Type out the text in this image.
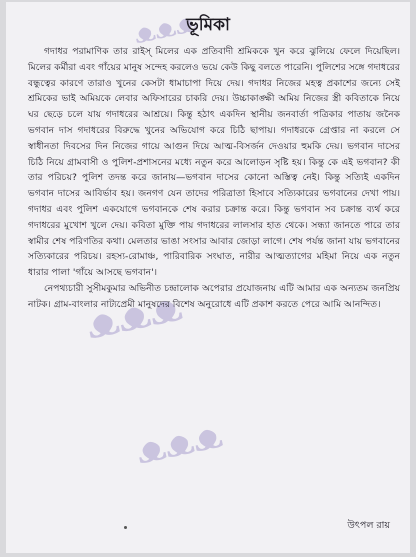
ᴥᴥᴥ
ᴥᴥᴥ
ᴥᴥᴥ
ভূমিকা

গদাধর পরামাণিক তার রাইস্ মিলের এক প্রতিবাদী শ্রমিককে খুন করে ঝুলিয়ে ফেলে দিয়েছিল। মিলের কর্মীরা এবং গাঁয়ের মানুষ সন্দেহ করলেও ভয়ে কেউ কিছু বলতে পারেনি। পুলিশের সঙ্গে গদাধরের বন্ধুত্বের কারণে তারাও খুনের কেসটা ধামাচাপা দিয়ে দেয়। গদাধর নিজের মহত্ব প্রকাশের জন্যে সেই শ্রমিকের ভাই অমিয়কে লেবার অফিসারের চাকরি দেয়। উচ্চাকাঙ্ক্ষী অমিয় নিজের স্ত্রী কবিতাকে নিয়ে ঘর ছেড়ে চলে যায় গদাধরের আশ্রয়ে। কিন্তু হঠাৎ একদিন স্থানীয় জনবার্তা পত্রিকার পাতায় জনৈক ভগবান দাস গদাধরের বিরুদ্ধে খুনের অভিযোগ করে চিঠি ছাপায়। গদাধরকে গ্রেপ্তার না করলে সে স্বাধীনতা দিবসের দিন নিজের গায়ে আগুন দিয়ে আত্ম-বিসর্জন দেওয়ার হুমকি দেয়। ভগবান দাসের চিঠি নিয়ে গ্রামবাসী ও পুলিশ-প্রশাসনের মধ্যে নতুন করে আলোড়ন সৃষ্টি হয়। কিন্তু কে এই ভগবান? কী তার পরিচয়? পুলিশ তদন্ত করে জানায়—ভগবান দাসের কোনো অস্তিত্ব নেই। কিন্তু সত্যিই একদিন ভগবান দাসের আবির্ভাব হয়। জনগণ যেন তাদের পরিত্রাতা হিসাবে সত্যিকারের ভগবানের দেখা পায়। গদাধর এবং পুলিশ একযোগে ভগবানকে শেষ করার চক্রান্ত করে। কিন্তু ভগবান সব চক্রান্ত ব্যর্থ করে গদাধরের মুখোশ খুলে দেয়। কবিতা মুক্তি পায় গদাধরের লালসার হাত থেকে। সন্ধ্যা জানতে পারে তার স্বামীর শেষ পরিণতির কথা। মেলতার ভাঙা সংসার আবার জোড়া লাগে। শেষ পর্যন্ত জানা যায় ভগবানের সত্যিকারের পরিচয়। রহস্য-রোমাঞ্চ, পারিবারিক সংঘাত, নারীর আত্মত্যাগের মহিমা নিয়ে এক নতুন ধারার পালা 'গাঁয়ে আসছে ভগবান'।

নেপথ্যচারী সুসীমকুমার অভিনীত চন্দ্রালোক অপেরার প্রযোজনায় এটি আমার এক অন্যতম জনপ্রিয় নাটক। গ্রাম-বাংলার নাট্যপ্রেমী মানুষদের বিশেষ অনুরোধে এটি প্রকাশ করতে পেরে আমি আনন্দিত।

উৎপল রায়
